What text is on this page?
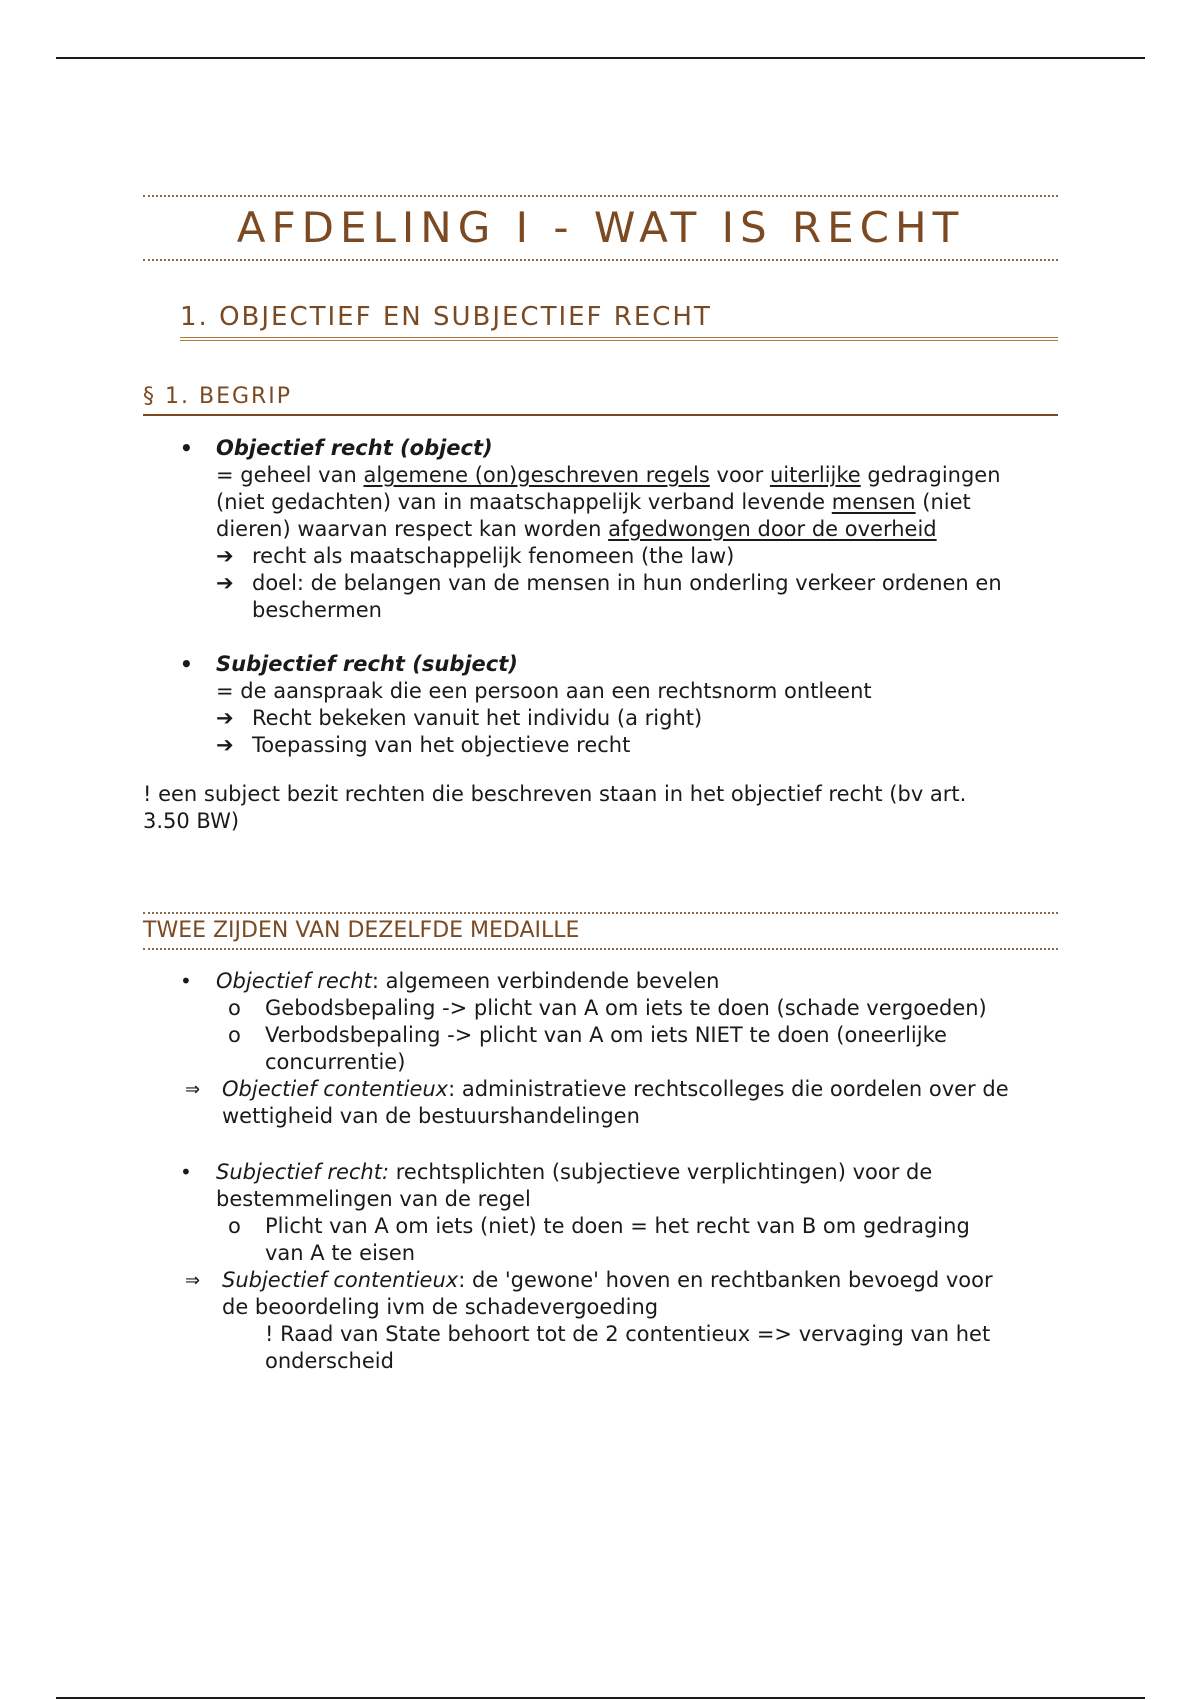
AFDELING I - WAT IS RECHT
1. OBJECTIEF EN SUBJECTIEF RECHT
§ 1. BEGRIP
• Objectief recht (object)
= geheel van algemene (on)geschreven regels voor uiterlijke gedragingen
(niet gedachten) van in maatschappelijk verband levende mensen (niet
dieren) waarvan respect kan worden afgedwongen door de overheid
➔ recht als maatschappelijk fenomeen (the law)
➔ doel: de belangen van de mensen in hun onderling verkeer ordenen en
beschermen
• Subjectief recht (subject)
= de aanspraak die een persoon aan een rechtsnorm ontleent
➔ Recht bekeken vanuit het individu (a right)
➔ Toepassing van het objectieve recht
! een subject bezit rechten die beschreven staan in het objectief recht (bv art.
3.50 BW)
TWEE ZIJDEN VAN DEZELFDE MEDAILLE
• Objectief recht: algemeen verbindende bevelen
o Gebodsbepaling -> plicht van A om iets te doen (schade vergoeden)
o Verbodsbepaling -> plicht van A om iets NIET te doen (oneerlijke
concurrentie)
⇒ Objectief contentieux: administratieve rechtscolleges die oordelen over de
wettigheid van de bestuurshandelingen
• Subjectief recht: rechtsplichten (subjectieve verplichtingen) voor de
bestemmelingen van de regel
o Plicht van A om iets (niet) te doen = het recht van B om gedraging
van A te eisen
⇒ Subjectief contentieux: de 'gewone' hoven en rechtbanken bevoegd voor
de beoordeling ivm de schadevergoeding
! Raad van State behoort tot de 2 contentieux => vervaging van het
onderscheid
